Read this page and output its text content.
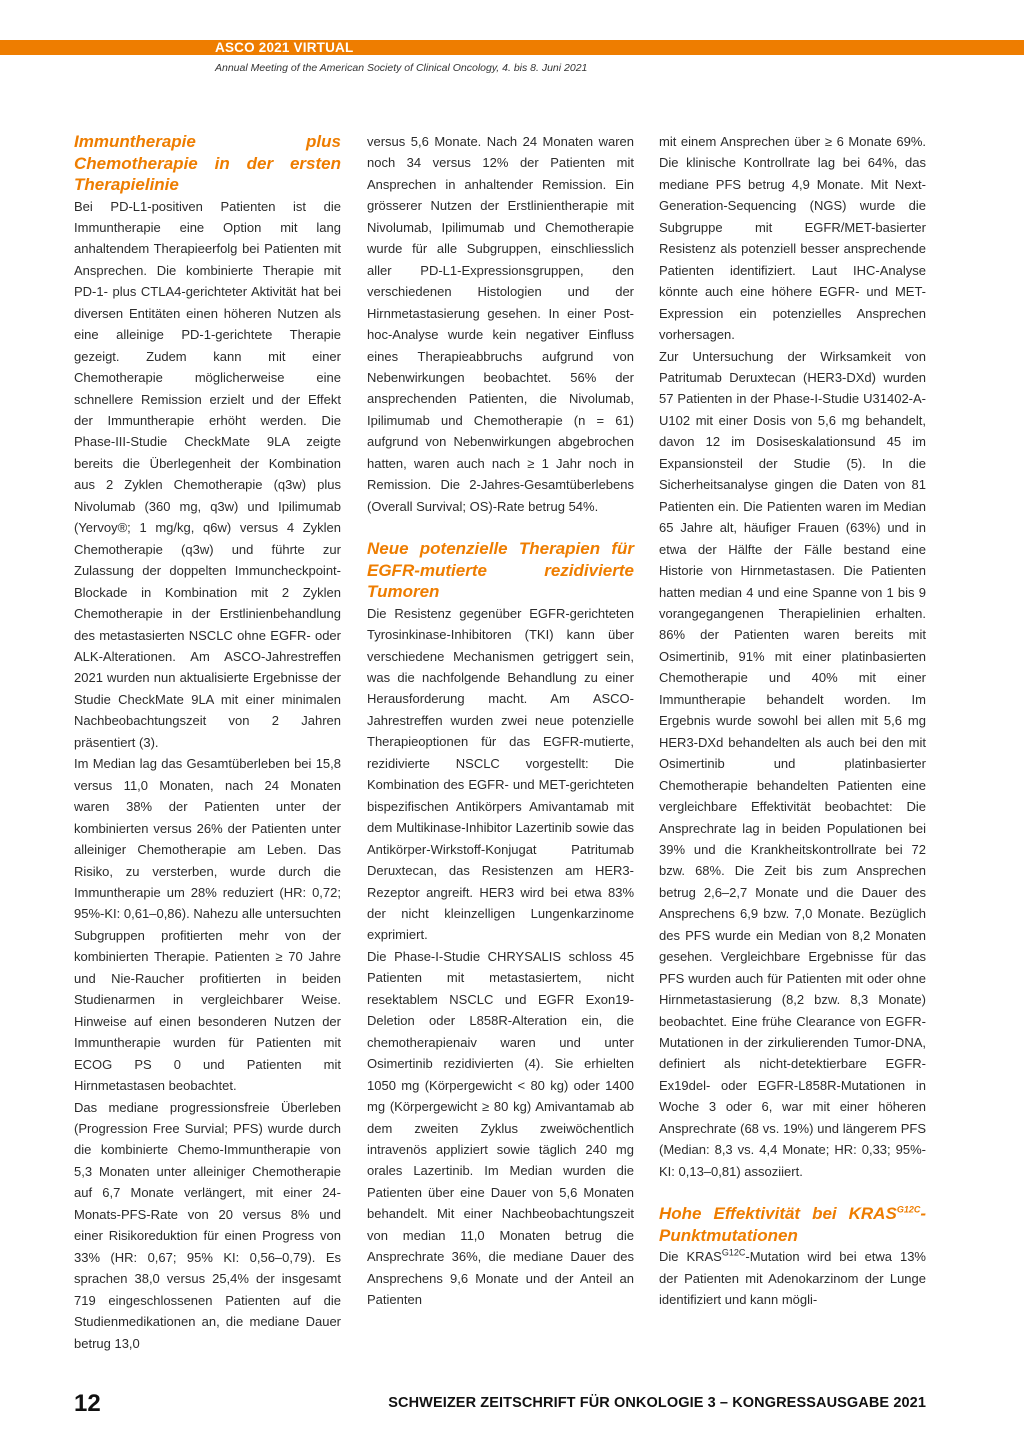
ASCO 2021 VIRTUAL
Annual Meeting of the American Society of Clinical Oncology, 4. bis 8. Juni 2021
Immuntherapie plus Chemotherapie in der ersten Therapielinie

Bei PD-L1-positiven Patienten ist die Immuntherapie eine Option mit lang anhaltendem Therapieerfolg bei Patienten mit Ansprechen. Die kombinierte Therapie mit PD-1- plus CTLA4-gerichteter Aktivität hat bei diversen Entitäten einen höheren Nutzen als eine alleinige PD-1-gerichtete Therapie gezeigt. Zudem kann mit einer Chemotherapie möglicherweise eine schnellere Remission erzielt und der Effekt der Immuntherapie erhöht werden. Die Phase-III-Studie CheckMate 9LA zeigte bereits die Überlegenheit der Kombination aus 2 Zyklen Chemotherapie (q3w) plus Nivolumab (360 mg, q3w) und Ipilimumab (Yervoy®; 1 mg/kg, q6w) versus 4 Zyklen Chemotherapie (q3w) und führte zur Zulassung der doppelten Immuncheckpoint-Blockade in Kombination mit 2 Zyklen Chemotherapie in der Erstlinienbehandlung des metastasierten NSCLC ohne EGFR- oder ALK-Alterationen. Am ASCO-Jahrestreffen 2021 wurden nun aktualisierte Ergebnisse der Studie CheckMate 9LA mit einer minimalen Nachbeobachtungszeit von 2 Jahren präsentiert (3).

Im Median lag das Gesamtüberleben bei 15,8 versus 11,0 Monaten, nach 24 Monaten waren 38% der Patienten unter der kombinierten versus 26% der Patienten unter alleiniger Chemotherapie am Leben. Das Risiko, zu versterben, wurde durch die Immuntherapie um 28% reduziert (HR: 0,72; 95%-KI: 0,61–0,86). Nahezu alle untersuchten Subgruppen profitierten mehr von der kombinierten Therapie. Patienten ≥ 70 Jahre und Nie-Raucher profitierten in beiden Studienarmen in vergleichbarer Weise. Hinweise auf einen besonderen Nutzen der Immuntherapie wurden für Patienten mit ECOG PS 0 und Patienten mit Hirnmetastasen beobachtet.

Das mediane progressionsfreie Überleben (Progression Free Survial; PFS) wurde durch die kombinierte Chemo-Immuntherapie von 5,3 Monaten unter alleiniger Chemotherapie auf 6,7 Monate verlängert, mit einer 24-Monats-PFS-Rate von 20 versus 8% und einer Risikoreduktion für einen Progress von 33% (HR: 0,67; 95% KI: 0,56–0,79). Es sprachen 38,0 versus 25,4% der insgesamt 719 eingeschlossenen Patienten auf die Studienmedikationen an, die mediane Dauer betrug 13,0

versus 5,6 Monate. Nach 24 Monaten waren noch 34 versus 12% der Patienten mit Ansprechen in anhaltender Remission. Ein grösserer Nutzen der Erstlinientherapie mit Nivolumab, Ipilimumab und Chemotherapie wurde für alle Subgruppen, einschliesslich aller PD-L1-Expressionsgruppen, den verschiedenen Histologien und der Hirnmetastasierung gesehen. In einer Post-hoc-Analyse wurde kein negativer Einfluss eines Therapieabbruchs aufgrund von Nebenwirkungen beobachtet. 56% der ansprechenden Patienten, die Nivolumab, Ipilimumab und Chemotherapie (n = 61) aufgrund von Nebenwirkungen abgebrochen hatten, waren auch nach ≥ 1 Jahr noch in Remission. Die 2-Jahres-Gesamtüberlebens (Overall Survival; OS)-Rate betrug 54%.

Neue potenzielle Therapien für EGFR-mutierte rezidivierte Tumoren

Die Resistenz gegenüber EGFR-gerichteten Tyrosinkinase-Inhibitoren (TKI) kann über verschiedene Mechanismen getriggert sein, was die nachfolgende Behandlung zu einer Herausforderung macht. Am ASCO-Jahrestreffen wurden zwei neue potenzielle Therapieoptionen für das EGFR-mutierte, rezidivierte NSCLC vorgestellt: Die Kombination des EGFR- und MET-gerichteten bispezifischen Antikörpers Amivantamab mit dem Multikinase-Inhibitor Lazertinib sowie das Antikörper-Wirkstoff-Konjugat Patritumab Deruxtecan, das Resistenzen am HER3-Rezeptor angreift. HER3 wird bei etwa 83% der nicht kleinzelligen Lungenkarzinome exprimiert.

Die Phase-I-Studie CHRYSALIS schloss 45 Patienten mit metastasiertem, nicht resektablem NSCLC und EGFR Exon19-Deletion oder L858R-Alteration ein, die chemotherapienaiv waren und unter Osimertinib rezidivierten (4). Sie erhielten 1050 mg (Körpergewicht < 80 kg) oder 1400 mg (Körpergewicht ≥ 80 kg) Amivantamab ab dem zweiten Zyklus zweiwöchentlich intravenös appliziert sowie täglich 240 mg orales Lazertinib. Im Median wurden die Patienten über eine Dauer von 5,6 Monaten behandelt. Mit einer Nachbeobachtungszeit von median 11,0 Monaten betrug die Ansprechrate 36%, die mediane Dauer des Ansprechens 9,6 Monate und der Anteil an Patienten

mit einem Ansprechen über ≥ 6 Monate 69%. Die klinische Kontrollrate lag bei 64%, das mediane PFS betrug 4,9 Monate. Mit Next-Generation-Sequencing (NGS) wurde die Subgruppe mit EGFR/MET-basierter Resistenz als potenziell besser ansprechende Patienten identifiziert. Laut IHC-Analyse könnte auch eine höhere EGFR- und MET-Expression ein potenzielles Ansprechen vorhersagen.

Zur Untersuchung der Wirksamkeit von Patritumab Deruxtecan (HER3-DXd) wurden 57 Patienten in der Phase-I-Studie U31402-A-U102 mit einer Dosis von 5,6 mg behandelt, davon 12 im Dosiseskalationsund 45 im Expansionsteil der Studie (5). In die Sicherheitsanalyse gingen die Daten von 81 Patienten ein. Die Patienten waren im Median 65 Jahre alt, häufiger Frauen (63%) und in etwa der Hälfte der Fälle bestand eine Historie von Hirnmetastasen. Die Patienten hatten median 4 und eine Spanne von 1 bis 9 vorangegangenen Therapielinien erhalten. 86% der Patienten waren bereits mit Osimertinib, 91% mit einer platinbasierten Chemotherapie und 40% mit einer Immuntherapie behandelt worden. Im Ergebnis wurde sowohl bei allen mit 5,6 mg HER3-DXd behandelten als auch bei den mit Osimertinib und platinbasierter Chemotherapie behandelten Patienten eine vergleichbare Effektivität beobachtet: Die Ansprechrate lag in beiden Populationen bei 39% und die Krankheitskontrollrate bei 72 bzw. 68%. Die Zeit bis zum Ansprechen betrug 2,6–2,7 Monate und die Dauer des Ansprechens 6,9 bzw. 7,0 Monate. Bezüglich des PFS wurde ein Median von 8,2 Monaten gesehen. Vergleichbare Ergebnisse für das PFS wurden auch für Patienten mit oder ohne Hirnmetastasierung (8,2 bzw. 8,3 Monate) beobachtet. Eine frühe Clearance von EGFR-Mutationen in der zirkulierenden Tumor-DNA, definiert als nicht-detektierbare EGFR-Ex19del- oder EGFR-L858R-Mutationen in Woche 3 oder 6, war mit einer höheren Ansprechrate (68 vs. 19%) und längerem PFS (Median: 8,3 vs. 4,4 Monate; HR: 0,33; 95%-KI: 0,13–0,81) assoziiert.

Hohe Effektivität bei $KRAS^{G12C}$-Punktmutationen

Die $KRAS^{G12C}$-Mutation wird bei etwa 13% der Patienten mit Adenokarzinom der Lunge identifiziert und kann mögli-

12	SCHWEIZER ZEITSCHRIFT FÜR ONKOLOGIE 3 – KONGRESSAUSGABE 2021
